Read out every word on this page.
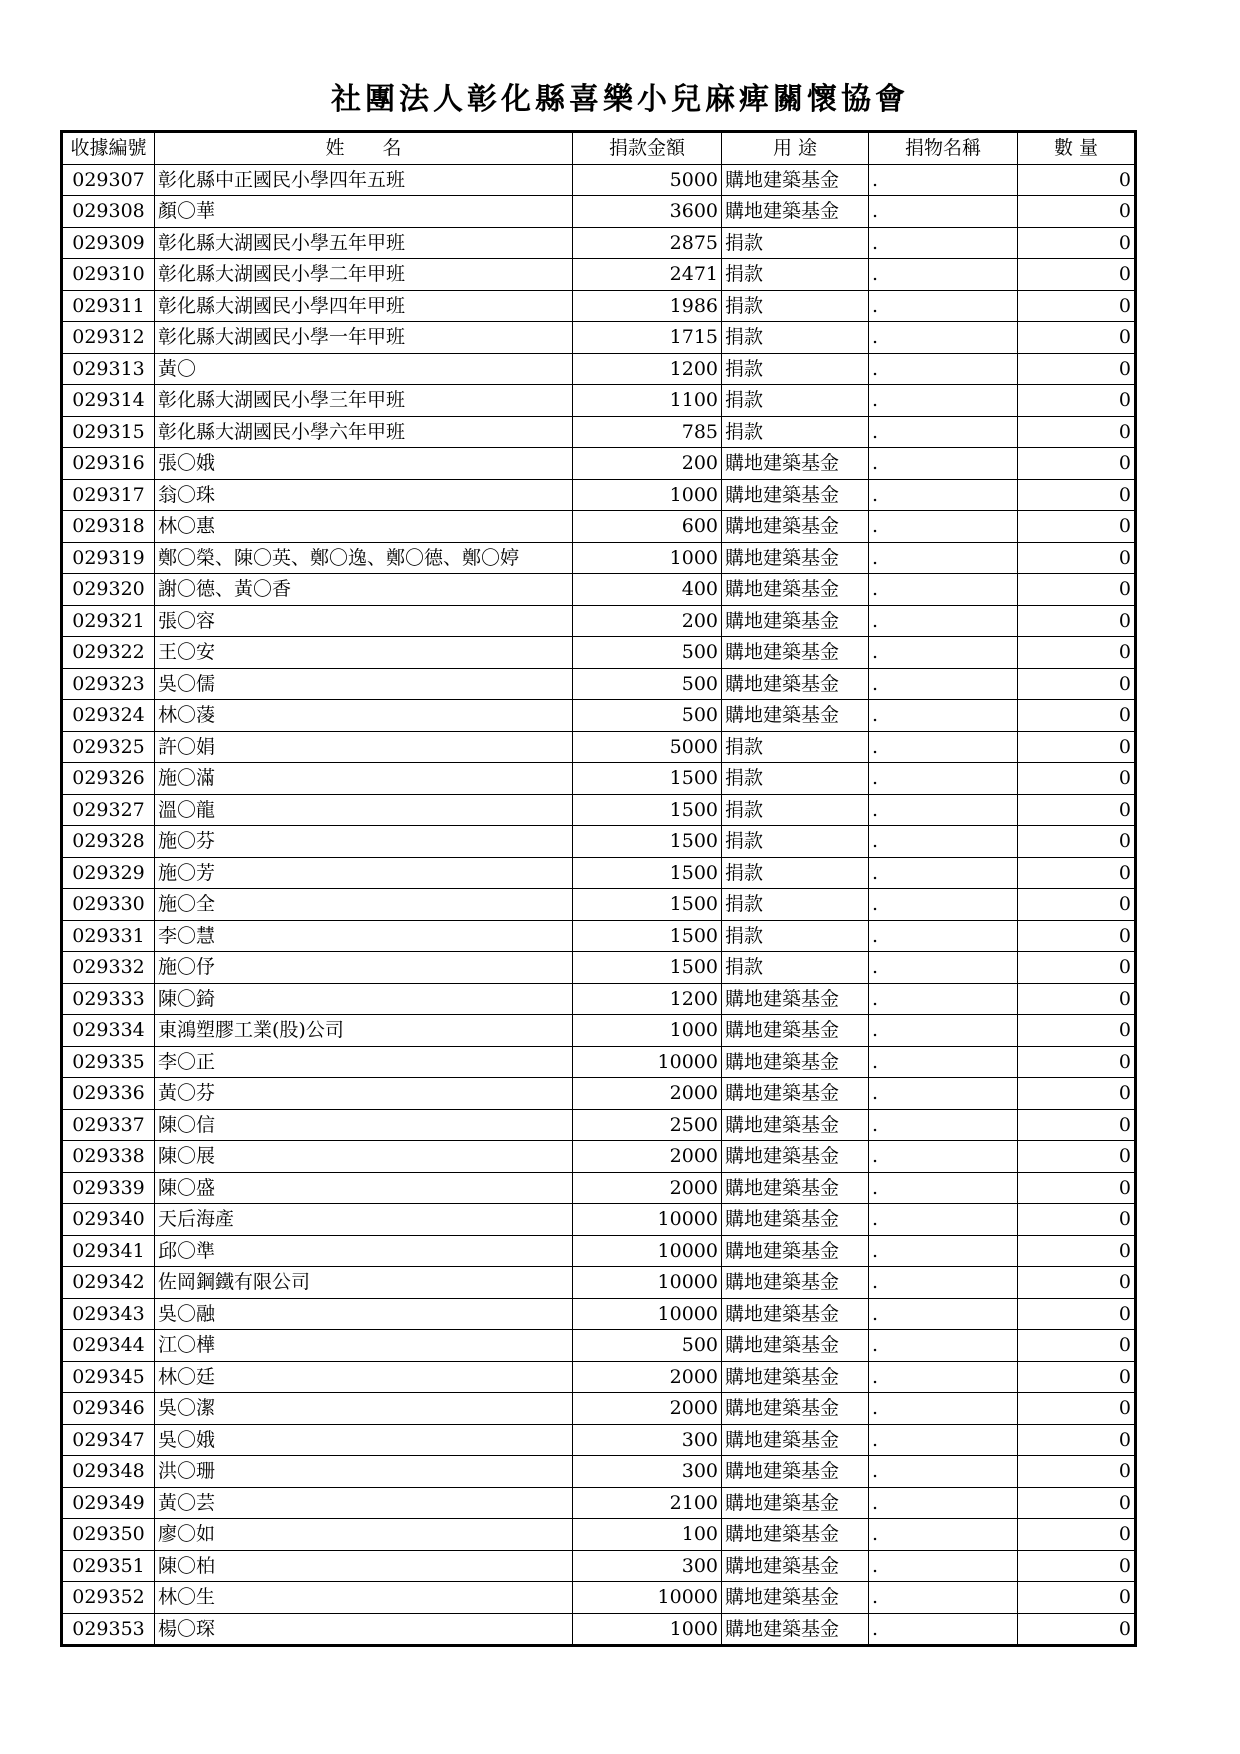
社團法人彰化縣喜樂小兒麻痺關懷協會
收據編號	姓　　名	捐款金額	用 途	捐物名稱	數 量
029307	彰化縣中正國民小學四年五班	5000	購地建築基金	.	0
029308	顏〇華	3600	購地建築基金	.	0
029309	彰化縣大湖國民小學五年甲班	2875	捐款	.	0
029310	彰化縣大湖國民小學二年甲班	2471	捐款	.	0
029311	彰化縣大湖國民小學四年甲班	1986	捐款	.	0
029312	彰化縣大湖國民小學一年甲班	1715	捐款	.	0
029313	黃〇	1200	捐款	.	0
029314	彰化縣大湖國民小學三年甲班	1100	捐款	.	0
029315	彰化縣大湖國民小學六年甲班	785	捐款	.	0
029316	張〇娥	200	購地建築基金	.	0
029317	翁〇珠	1000	購地建築基金	.	0
029318	林〇惠	600	購地建築基金	.	0
029319	鄭〇榮、陳〇英、鄭〇逸、鄭〇德、鄭〇婷	1000	購地建築基金	.	0
029320	謝〇德、黃〇香	400	購地建築基金	.	0
029321	張〇容	200	購地建築基金	.	0
029322	王〇安	500	購地建築基金	.	0
029323	吳〇儒	500	購地建築基金	.	0
029324	林〇蓤	500	購地建築基金	.	0
029325	許〇娟	5000	捐款	.	0
029326	施〇滿	1500	捐款	.	0
029327	溫〇龍	1500	捐款	.	0
029328	施〇芬	1500	捐款	.	0
029329	施〇芳	1500	捐款	.	0
029330	施〇全	1500	捐款	.	0
029331	李〇慧	1500	捐款	.	0
029332	施〇伃	1500	捐款	.	0
029333	陳〇錡	1200	購地建築基金	.	0
029334	東鴻塑膠工業(股)公司	1000	購地建築基金	.	0
029335	李〇正	10000	購地建築基金	.	0
029336	黃〇芬	2000	購地建築基金	.	0
029337	陳〇信	2500	購地建築基金	.	0
029338	陳〇展	2000	購地建築基金	.	0
029339	陳〇盛	2000	購地建築基金	.	0
029340	天后海產	10000	購地建築基金	.	0
029341	邱〇準	10000	購地建築基金	.	0
029342	佐岡鋼鐵有限公司	10000	購地建築基金	.	0
029343	吳〇融	10000	購地建築基金	.	0
029344	江〇樺	500	購地建築基金	.	0
029345	林〇廷	2000	購地建築基金	.	0
029346	吳〇潔	2000	購地建築基金	.	0
029347	吳〇娥	300	購地建築基金	.	0
029348	洪〇珊	300	購地建築基金	.	0
029349	黃〇芸	2100	購地建築基金	.	0
029350	廖〇如	100	購地建築基金	.	0
029351	陳〇柏	300	購地建築基金	.	0
029352	林〇生	10000	購地建築基金	.	0
029353	楊〇琛	1000	購地建築基金	.	0
